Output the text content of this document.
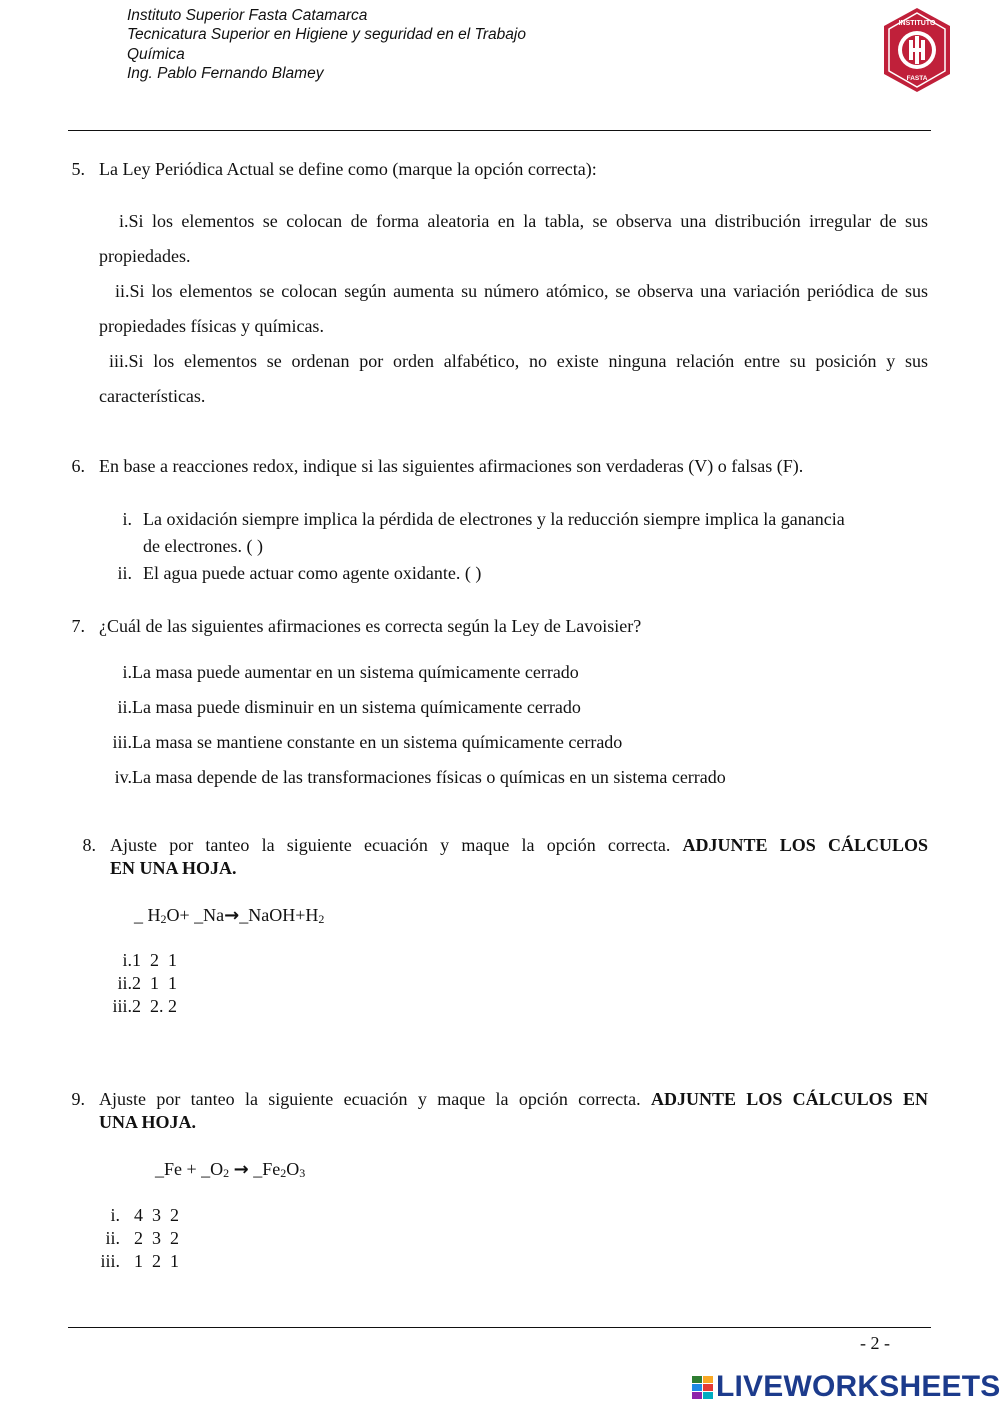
Instituto Superior Fasta Catamarca
Tecnicatura Superior en Higiene y seguridad en el Trabajo
Química
Ing. Pablo Fernando Blamey
INSTITUTO
FASTA
5. La Ley Periódica Actual se define como (marque la opción correcta):
i.Si los elementos se colocan de forma aleatoria en la tabla, se observa una distribución irregular de sus propiedades.
ii.Si los elementos se colocan según aumenta su número atómico, se observa una variación periódica de sus propiedades físicas y químicas.
iii.Si los elementos se ordenan por orden alfabético, no existe ninguna relación entre su posición y sus características.
6. En base a reacciones redox, indique si las siguientes afirmaciones son verdaderas (V) o falsas (F).
i. La oxidación siempre implica la pérdida de electrones y la reducción siempre implica la ganancia
de electrones. ( )
ii. El agua puede actuar como agente oxidante. ( )
7. ¿Cuál de las siguientes afirmaciones es correcta según la Ley de Lavoisier?
i.La masa puede aumentar en un sistema químicamente cerrado
ii.La masa puede disminuir en un sistema químicamente cerrado
iii.La masa se mantiene constante en un sistema químicamente cerrado
iv.La masa depende de las transformaciones físicas o químicas en un sistema cerrado
8. Ajuste por tanteo la siguiente ecuación y maque la opción correcta. ADJUNTE LOS CÁLCULOS
EN UNA HOJA.
_ $H_2O+$ $\_Na\to\_NaOH+H_2$
i.1  2  1
ii.2  1  1
iii.2  2. 2
9. Ajuste por tanteo la siguiente ecuación y maque la opción correcta. ADJUNTE LOS CÁLCULOS EN
UNA HOJA.
_Fe + $\_O_2$ → $\_Fe_2O_3$
i. 4  3  2
ii. 2  3  2
iii. 1  2  1
- 2 -
LIVEWORKSHEETS
